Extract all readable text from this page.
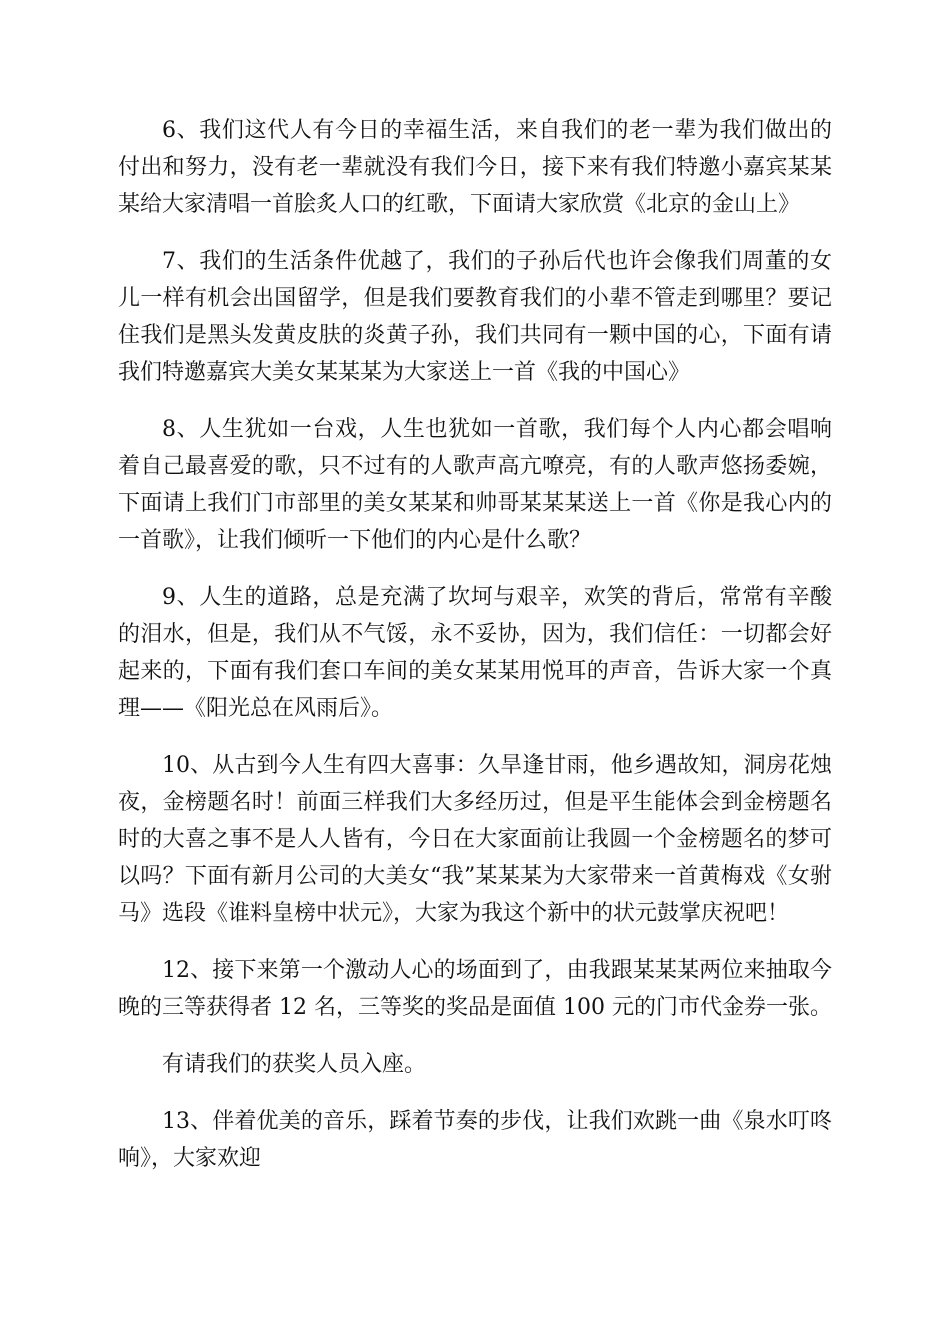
6、我们这代人有今日的幸福生活，来自我们的老一辈为我们做出的付出和努力，没有老一辈就没有我们今日，接下来有我们特邀小嘉宾某某某给大家清唱一首脍炙人口的红歌，下面请大家欣赏《北京的金山上》

7、我们的生活条件优越了，我们的子孙后代也许会像我们周董的女儿一样有机会出国留学，但是我们要教育我们的小辈不管走到哪里？要记住我们是黑头发黄皮肤的炎黄子孙，我们共同有一颗中国的心，下面有请我们特邀嘉宾大美女某某某为大家送上一首《我的中国心》

8、人生犹如一台戏，人生也犹如一首歌，我们每个人内心都会唱响着自己最喜爱的歌，只不过有的人歌声高亢嘹亮，有的人歌声悠扬委婉，下面请上我们门市部里的美女某某和帅哥某某某送上一首《你是我心内的一首歌》，让我们倾听一下他们的内心是什么歌？

9、人生的道路，总是充满了坎坷与艰辛，欢笑的背后，常常有辛酸的泪水，但是，我们从不气馁，永不妥协，因为，我们信任：一切都会好起来的，下面有我们套口车间的美女某某用悦耳的声音，告诉大家一个真理——《阳光总在风雨后》。

10、从古到今人生有四大喜事：久旱逢甘雨，他乡遇故知，洞房花烛夜，金榜题名时！前面三样我们大多经历过，但是平生能体会到金榜题名时的大喜之事不是人人皆有，今日在大家面前让我圆一个金榜题名的梦可以吗？下面有新月公司的大美女“我”某某某为大家带来一首黄梅戏《女驸马》选段《谁料皇榜中状元》，大家为我这个新中的状元鼓掌庆祝吧！

12、接下来第一个激动人心的场面到了，由我跟某某某两位来抽取今晚的三等获得者 12 名，三等奖的奖品是面值 100 元的门市代金券一张。

有请我们的获奖人员入座。

13、伴着优美的音乐，踩着节奏的步伐，让我们欢跳一曲《泉水叮咚响》，大家欢迎
